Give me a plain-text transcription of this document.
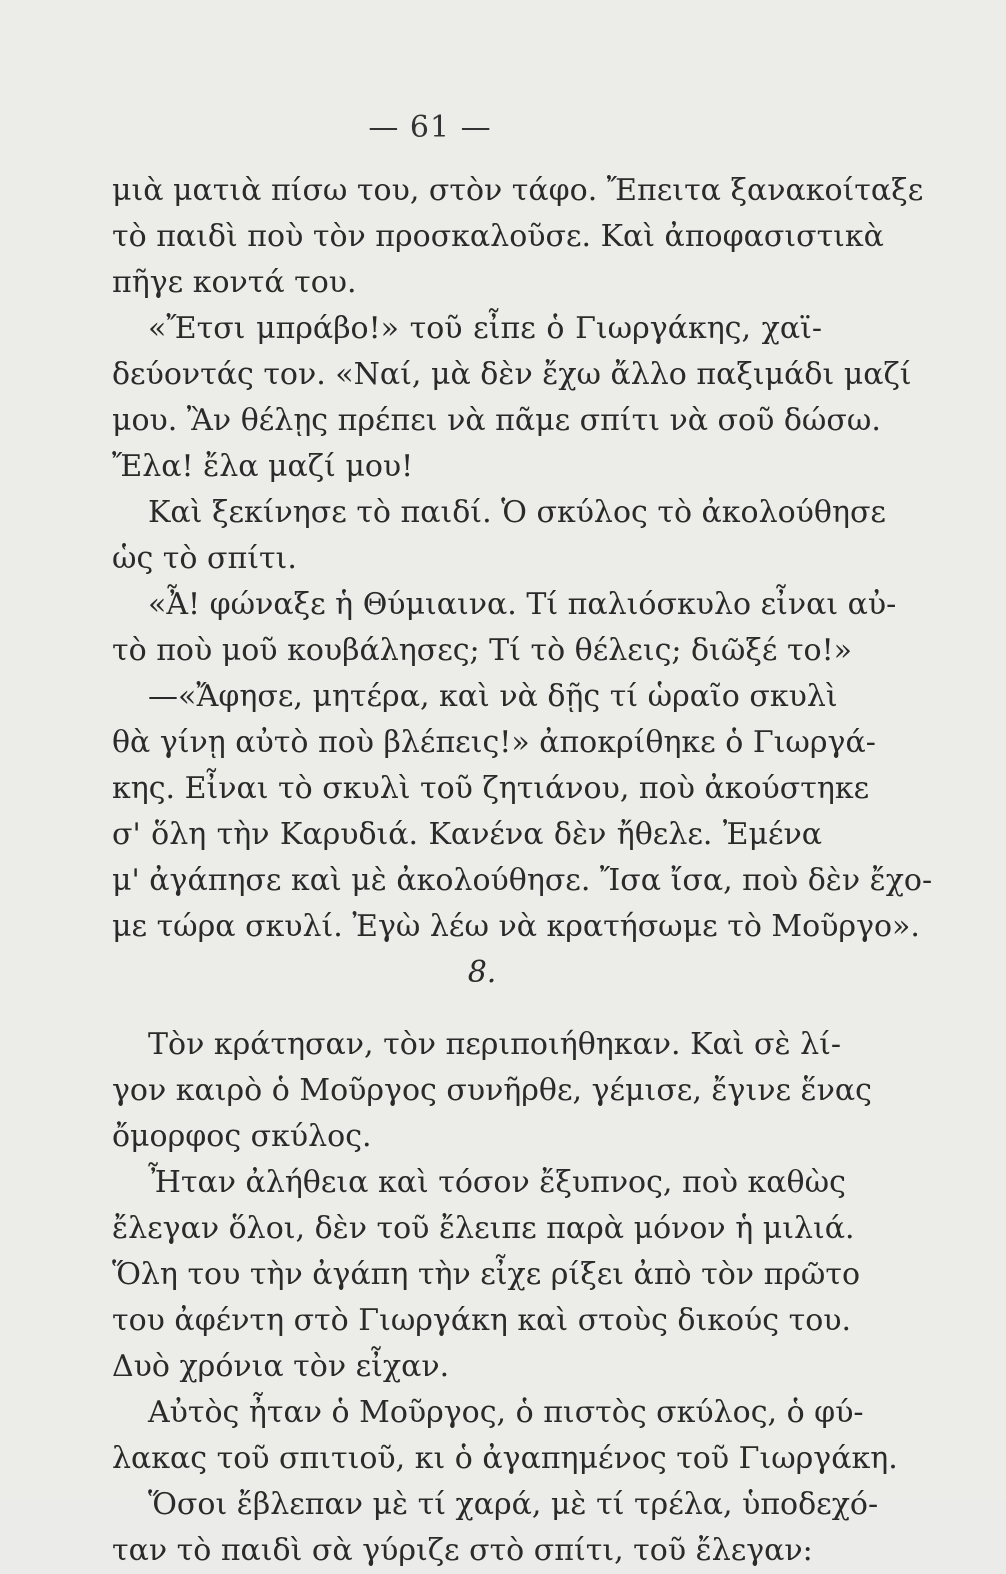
— 61 —
μιὰ ματιὰ πίσω του, στὸν τάφο. Ἔπειτα ξανακοίταξε
τὸ παιδὶ ποὺ τὸν προσκαλοῦσε. Καὶ ἀποφασιστικὰ
πῆγε κοντά του.
«Ἔτσι μπράβο!» τοῦ εἶπε ὁ Γιωργάκης, χαϊ-
δεύοντάς τον. «Ναί, μὰ δὲν ἔχω ἄλλο παξιμάδι μαζί
μου. Ἂν θέλῃς πρέπει νὰ πᾶμε σπίτι νὰ σοῦ δώσω.
Ἔλα! ἔλα μαζί μου!
Καὶ ξεκίνησε τὸ παιδί. Ὁ σκύλος τὸ ἀκολούθησε
ὡς τὸ σπίτι.
«Ἆ! φώναξε ἡ Θύμιαινα. Τί παλιόσκυλο εἶναι αὐ-
τὸ ποὺ μοῦ κουβάλησες; Τί τὸ θέλεις; διῶξέ το!»
—«Ἄφησε, μητέρα, καὶ νὰ δῇς τί ὡραῖο σκυλὶ
θὰ γίνῃ αὐτὸ ποὺ βλέπεις!» ἀποκρίθηκε ὁ Γιωργά-
κης. Εἶναι τὸ σκυλὶ τοῦ ζητιάνου, ποὺ ἀκούστηκε
σ' ὅλη τὴν Καρυδιά. Κανένα δὲν ἤθελε. Ἐμένα
μ' ἀγάπησε καὶ μὲ ἀκολούθησε. Ἴσα ἴσα, ποὺ δὲν ἔχο-
με τώρα σκυλί. Ἐγὼ λέω νὰ κρατήσωμε τὸ Μοῦργο».
8.
Τὸν κράτησαν, τὸν περιποιήθηκαν. Καὶ σὲ λί-
γον καιρὸ ὁ Μοῦργος συνῆρθε, γέμισε, ἔγινε ἕνας
ὄμορφος σκύλος.
Ἦταν ἀλήθεια καὶ τόσον ἔξυπνος, ποὺ καθὼς
ἔλεγαν ὅλοι, δὲν τοῦ ἔλειπε παρὰ μόνον ἡ μιλιά.
Ὅλη του τὴν ἀγάπη τὴν εἶχε ρίξει ἀπὸ τὸν πρῶτο
του ἀφέντη στὸ Γιωργάκη καὶ στοὺς δικούς του.
Δυὸ χρόνια τὸν εἶχαν.
Αὐτὸς ἦταν ὁ Μοῦργος, ὁ πιστὸς σκύλος, ὁ φύ-
λακας τοῦ σπιτιοῦ, κι ὁ ἀγαπημένος τοῦ Γιωργάκη.
Ὅσοι ἔβλεπαν μὲ τί χαρά, μὲ τί τρέλα, ὑποδεχό-
ταν τὸ παιδὶ σὰ γύριζε στὸ σπίτι, τοῦ ἔλεγαν:
